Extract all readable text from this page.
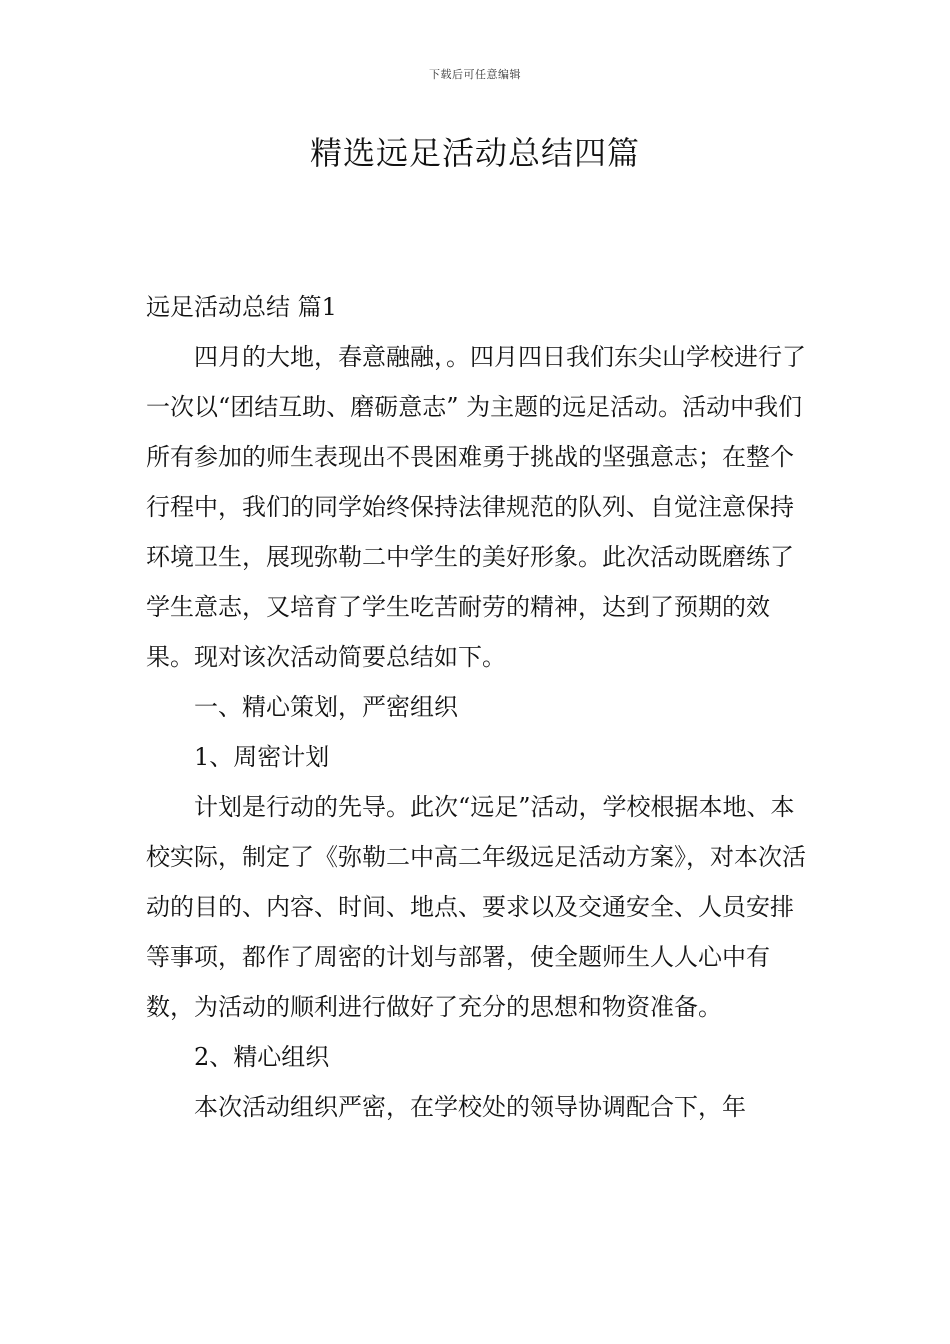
下载后可任意编辑
精选远足活动总结四篇

远足活动总结 篇1

四月的大地，春意融融，。四月四日我们东尖山学校进行了一次以“团结互助、磨砺意志” 为主题的远足活动。活动中我们所有参加的师生表现出不畏困难勇于挑战的坚强意志；在整个行程中，我们的同学始终保持法律规范的队列、自觉注意保持环境卫生，展现弥勒二中学生的美好形象。此次活动既磨练了学生意志，又培育了学生吃苦耐劳的精神，达到了预期的效果。现对该次活动简要总结如下。

一、精心策划，严密组织

1、周密计划

计划是行动的先导。此次“远足”活动，学校根据本地、本校实际，制定了《弥勒二中高二年级远足活动方案》，对本次活动的目的、内容、时间、地点、要求以及交通安全、人员安排等事项，都作了周密的计划与部署，使全题师生人人心中有数，为活动的顺利进行做好了充分的思想和物资准备。

2、精心组织

本次活动组织严密，在学校处的领导协调配合下，年
